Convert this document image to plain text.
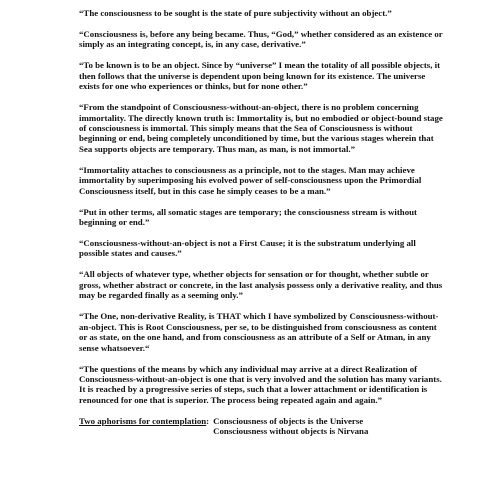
“The consciousness to be sought is the state of pure subjectivity without an object.”

“Consciousness is, before any being became. Thus, “God,” whether considered as an existence or simply as an integrating concept, is, in any case, derivative.”

“To be known is to be an object. Since by “universe” I mean the totality of all possible objects, it then follows that the universe is dependent upon being known for its existence. The universe exists for one who experiences or thinks, but for none other.”

“From the standpoint of Consciousness-without-an-object, there is no problem concerning immortality. The directly known truth is: Immortality is, but no embodied or object-bound stage of consciousness is immortal. This simply means that the Sea of Consciousness is without beginning or end, being completely unconditioned by time, but the various stages wherein that Sea supports objects are temporary. Thus man, as man, is not immortal.”

“Immortality attaches to consciousness as a principle, not to the stages. Man may achieve immortality by superimposing his evolved power of self-consciousness upon the Primordial Consciousness itself, but in this case he simply ceases to be a man.”

“Put in other terms, all somatic stages are temporary; the consciousness stream is without beginning or end.”

“Consciousness-without-an-object is not a First Cause; it is the substratum underlying all possible states and causes.”

“All objects of whatever type, whether objects for sensation or for thought, whether subtle or gross, whether abstract or concrete, in the last analysis possess only a derivative reality, and thus may be regarded finally as a seeming only.”

“The One, non-derivative Reality, is THAT which I have symbolized by Consciousness-without-an-object. This is Root Consciousness, per se, to be distinguished from consciousness as content or as state, on the one hand, and from consciousness as an attribute of a Self or Atman, in any sense whatsoever.“

“The questions of the means by which any individual may arrive at a direct Realization of Consciousness-without-an-object is one that is very involved and the solution has many variants. It is reached by a progressive series of steps, such that a lower attachment or identification is renounced for one that is superior. The process being repeated again and again.”

Two aphorisms for contemplation : Consciousness of objects is the Universe
Consciousness without objects is Nirvana
